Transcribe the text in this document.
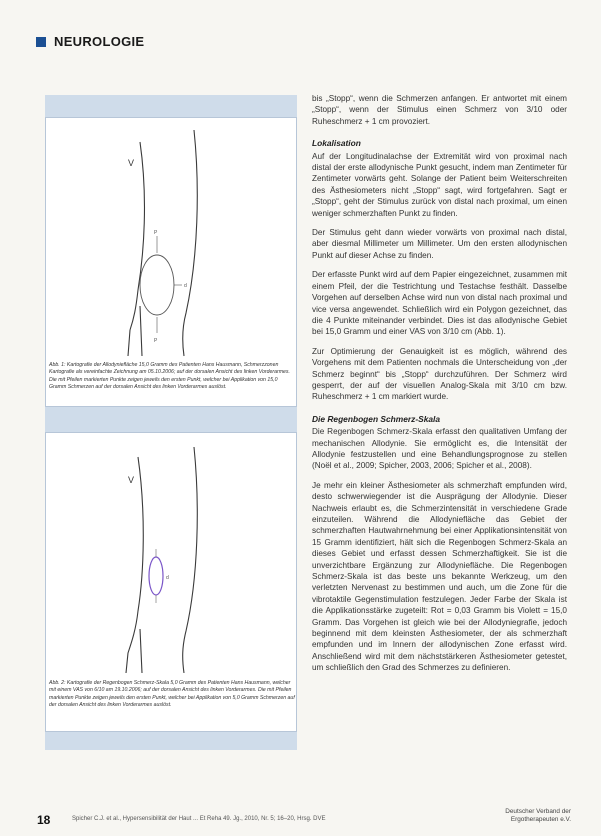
NEUROLOGIE
V
P
P
d
Abb. 1: Kartografie der Allodyniefläche 15,0 Gramm des Patienten Hans Hausmann, Schmerzzonen Kartografie als vereinfachte Zeichnung am 05.10.2006; auf der dorsalen Ansicht des linken Vorderarmes. Die mit Pfeilen markierten Punkte zeigen jeweils den ersten Punkt, welcher bei Applikation von 15,0 Gramm Schmerzen auf der dorsalen Ansicht des linken Vorderarmes auslöst.
V
d
Abb. 2: Kartografie der Regenbogen Schmerz-Skala 5,0 Gramm des Patienten Hans Hausmann, welcher mit einem VAS von 6/10 am 19.10.2006; auf der dorsalen Ansicht des linken Vorderarmes. Die mit Pfeilen markierten Punkte zeigen jeweils den ersten Punkt, welcher bei Applikation von 5,0 Gramm Schmerzen auf der dorsalen Ansicht des linken Vorderarmes auslöst.

bis „Stopp“, wenn die Schmerzen anfangen. Er antwortet mit einem „Stopp“, wenn der Stimulus einen Schmerz von 3/10 oder Ruheschmerz + 1 cm provoziert.

Lokalisation

Auf der Longitudinalachse der Extremität wird von proximal nach distal der erste allodynische Punkt gesucht, indem man Zentimeter für Zentimeter vorwärts geht. Solange der Patient beim Weiterschreiten des Ästhesiometers nicht „Stopp“ sagt, wird fortgefahren. Sagt er „Stopp“, geht der Stimulus zurück von distal nach proximal, um einen weniger schmerzhaften Punkt zu finden.

Der Stimulus geht dann wieder vorwärts von proximal nach distal, aber diesmal Millimeter um Millimeter. Um den ersten allodynischen Punkt auf dieser Achse zu finden.

Der erfasste Punkt wird auf dem Papier eingezeichnet, zusammen mit einem Pfeil, der die Testrichtung und Testachse festhält. Dasselbe Vorgehen auf derselben Achse wird nun von distal nach proximal und vice versa angewendet. Schließlich wird ein Polygon gezeichnet, das die 4 Punkte miteinander verbindet. Dies ist das allodynische Gebiet bei 15,0 Gramm und einer VAS von 3/10 cm (Abb. 1).

Zur Optimierung der Genauigkeit ist es möglich, während des Vorgehens mit dem Patienten nochmals die Unterscheidung von „der Schmerz beginnt“ bis „Stopp“ durchzuführen. Der Schmerz wird gesperrt, der auf der visuellen Analog-Skala mit 3/10 cm bzw. Ruheschmerz + 1 cm markiert wurde.

Die Regenbogen Schmerz-Skala

Die Regenbogen Schmerz-Skala erfasst den qualitativen Umfang der mechanischen Allodynie. Sie ermöglicht es, die Intensität der Allodynie festzustellen und eine Behandlungsprognose zu stellen (Noël et al., 2009; Spicher, 2003, 2006; Spicher et al., 2008).

Je mehr ein kleiner Ästhesiometer als schmerzhaft empfunden wird, desto schwerwiegender ist die Ausprägung der Allodynie. Dieser Nachweis erlaubt es, die Schmerzintensität in verschiedene Grade einzuteilen. Während die Allodyniefläche das Gebiet der schmerzhaften Hautwahrnehmung bei einer Applikationsintensität von 15 Gramm identifiziert, hält sich die Regenbogen Schmerz-Skala an dieses Gebiet und erfasst dessen Schmerzhaftigkeit. Sie ist die unverzichtbare Ergänzung zur Allodyniefläche. Die Regenbogen Schmerz-Skala ist das beste uns bekannte Werkzeug, um den verletzten Nervenast zu bestimmen und auch, um die Zone für die vibrotaktile Gegenstimulation festzulegen. Jeder Farbe der Skala ist die Applikationsstärke zugeteilt: Rot = 0,03 Gramm bis Violett = 15,0 Gramm. Das Vorgehen ist gleich wie bei der Allodyniegrafie, jedoch beginnend mit dem kleinsten Ästhesiometer, der als schmerzhaft empfunden und im Innern der allodynischen Zone erfasst wird. Anschließend wird mit dem nächststärkeren Ästhesiometer getestet, um schließlich den Grad des Schmerzes zu definieren.

18	Spicher C.J. et al., Hypersensibilität der Haut ... Et Reha 49. Jg., 2010, Nr. 5; 16–20, Hrsg. DVE
Deutscher Verband der
Ergotherapeuten e.V.
